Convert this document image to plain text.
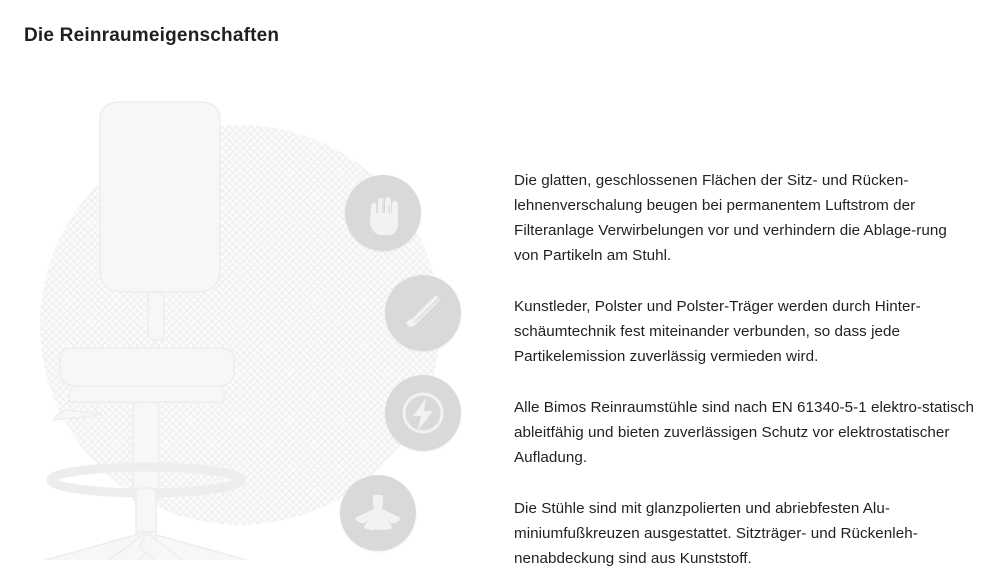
Die Reinraumeigenschaften

Die glatten, geschlossenen Flächen der Sitz- und Rücken-lehnenverschalung beugen bei permanentem Luftstrom der Filteranlage Verwirbelungen vor und verhindern die Ablage-rung von Partikeln am Stuhl.

Kunstleder, Polster und Polster-Träger werden durch Hinter-schäumtechnik fest miteinander verbunden, so dass jede Partikelemission zuverlässig vermieden wird.

Alle Bimos Reinraumstühle sind nach EN 61340-5-1 elektro-statisch ableitfähig und bieten zuverlässigen Schutz vor elektrostatischer Aufladung.

Die Stühle sind mit glanzpolierten und abriebfesten Alu-miniumfußkreuzen ausgestattet. Sitzträger- und Rückenleh-nenabdeckung sind aus Kunststoff.
